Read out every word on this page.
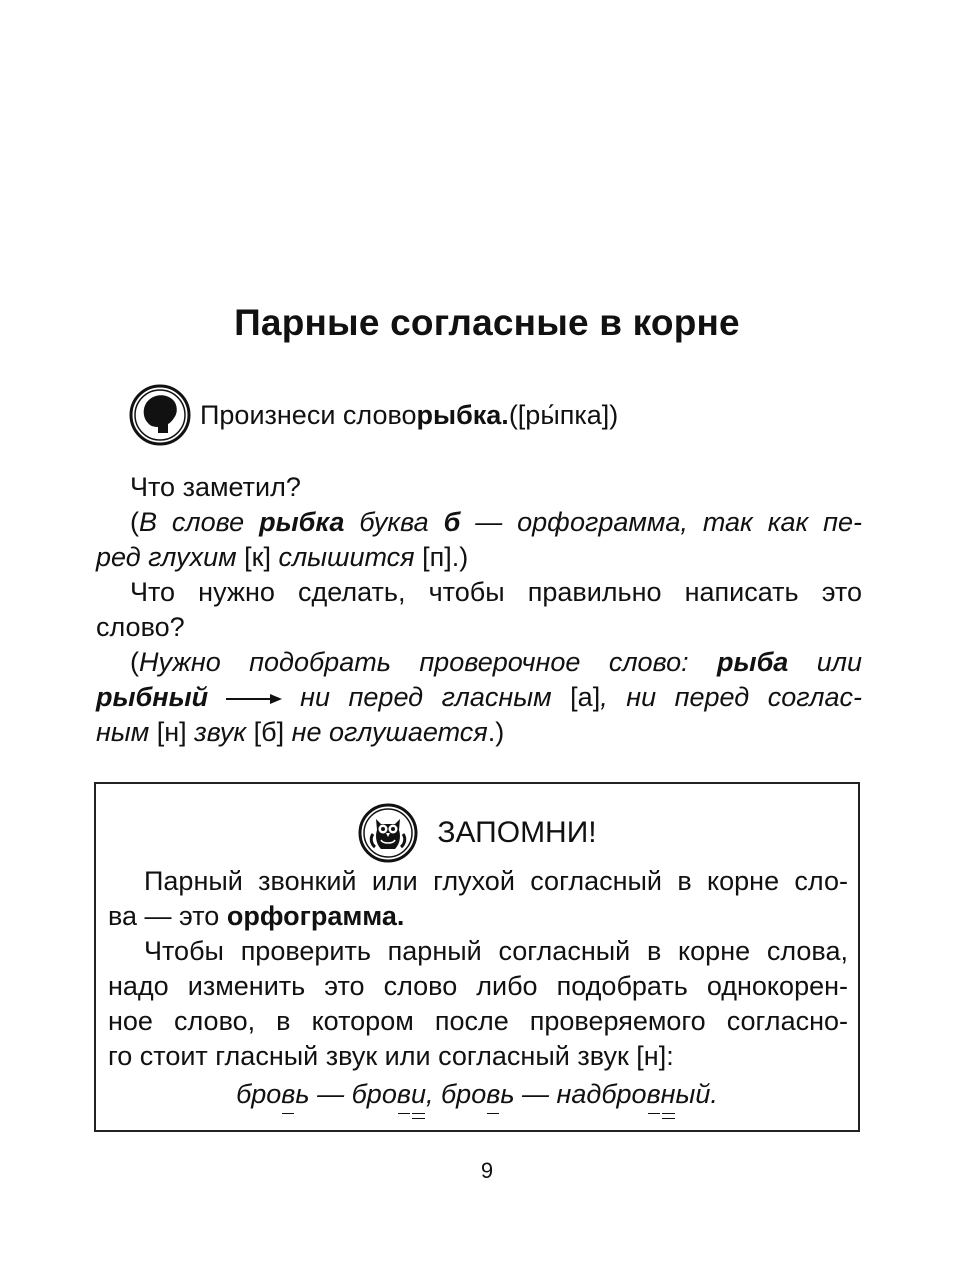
Парные согласные в корне
Произнеси слово рыбка. ([ры́пка])

Что заметил?

(В слове рыбка буква б — орфограмма, так как пе-
ред глухим [к] слышится [п].)

Что нужно сделать, чтобы правильно написать это
слово?

(Нужно подобрать проверочное слово: рыба или
рыбный	ни перед гласным [а], ни перед соглас-
ным [н] звук [б] не оглушается.)

ЗАПОМНИ!

Парный звонкий или глухой согласный в корне сло-
ва — это орфограмма.

Чтобы проверить парный согласный в корне слова,
надо изменить это слово либо подобрать однокорен-
ное слово, в котором после проверяемого согласно-
го стоит гласный звук или согласный звук [н]:

бровь — брови, бровь — надбровный.
9
